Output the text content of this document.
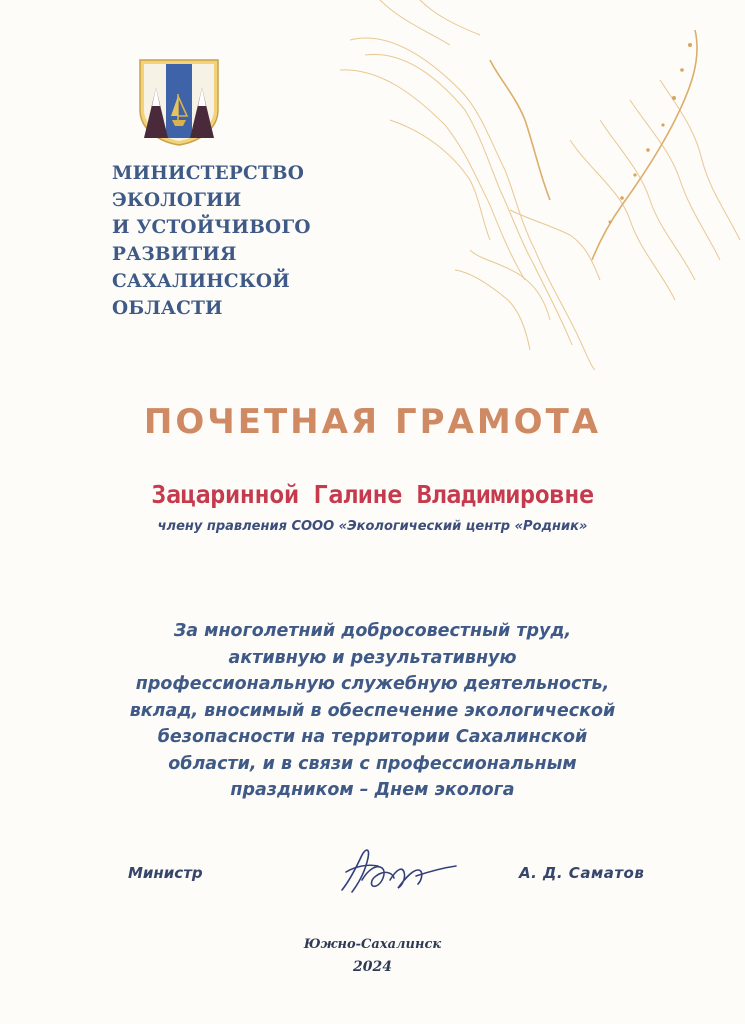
МИНИСТЕРСТВО
ЭКОЛОГИИ
И УСТОЙЧИВОГО
РАЗВИТИЯ
САХАЛИНСКОЙ
ОБЛАСТИ
ПОЧЕТНАЯ ГРАМОТА
Зацаринной Галине Владимировне
члену правления СООО «Экологический центр «Родник»
За многолетний добросовестный труд,
активную и результативную
профессиональную служебную деятельность,
вклад, вносимый в обеспечение экологической
безопасности на территории Сахалинской
области, и в связи с профессиональным
праздником – Днем эколога
Министр	А. Д. Саматов
Южно-Сахалинск
2024
